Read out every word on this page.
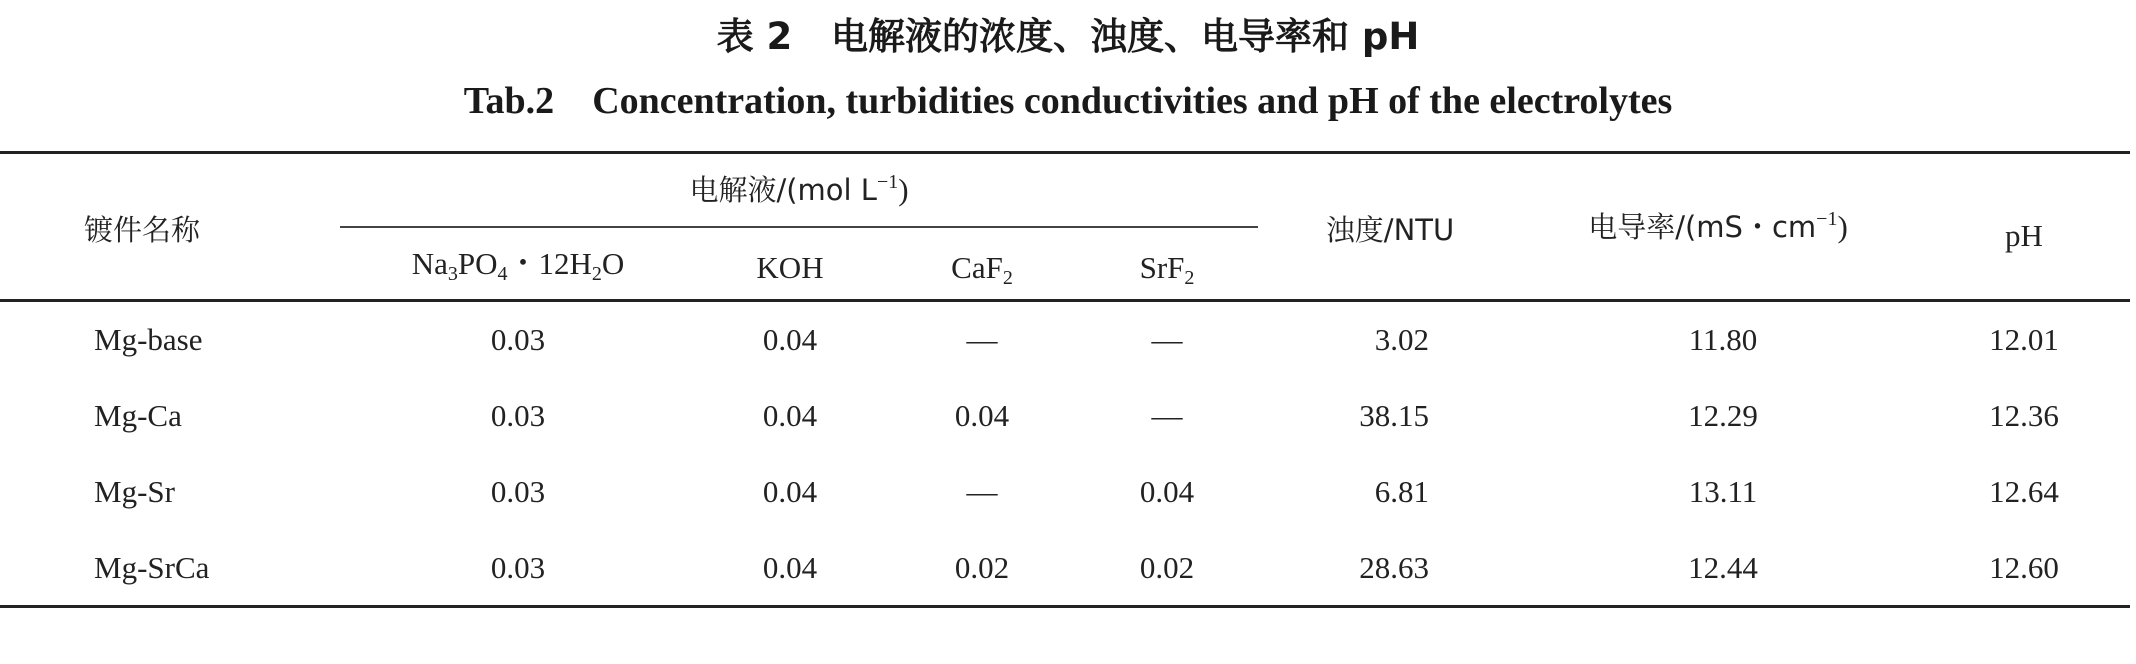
表 2 电解液的浓度、浊度、电导率和 pH
Tab.2 Concentration, turbidities conductivities and pH of the electrolytes
镀件名称
电解液/(mol $L^{-1}$)
$Na_3PO_4$・$12H_2O$	KOH	CaF$_2$	SrF$_2$
浊度/NTU	电导率/(mS・$cm^{-1}$)	pH
Mg-base	0.03	0.04	—	—	3.02	11.80	12.01
Mg-Ca	0.03	0.04	0.04	—	38.15	12.29	12.36
Mg-Sr	0.03	0.04	—	0.04	6.81	13.11	12.64
Mg-SrCa	0.03	0.04	0.02	0.02	28.63	12.44	12.60
